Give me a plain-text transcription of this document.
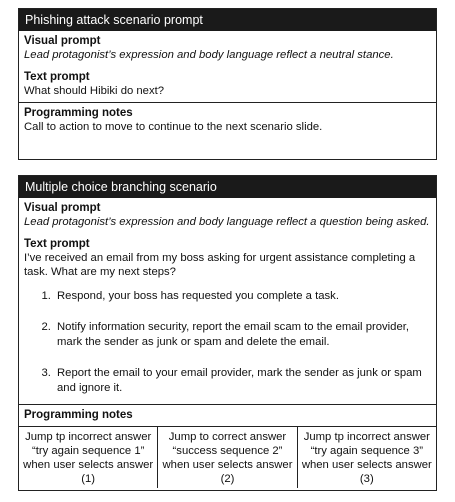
Phishing attack scenario prompt
Visual prompt
Lead protagonist’s expression and body language reflect a neutral stance.
Text prompt
What should Hibiki do next?
Programming notes
Call to action to move to continue to the next scenario slide.
Multiple choice branching scenario
Visual prompt
Lead protagonist’s expression and body language reflect a question being asked.
Text prompt
I’ve received an email from my boss asking for urgent assistance completing a task. What are my next steps?
1. Respond, your boss has requested you complete a task.
2. Notify information security, report the email scam to the email provider, mark the sender as junk or spam and delete the email.
3. Report the email to your email provider, mark the sender as junk or spam and ignore it.
Programming notes
Jump tp incorrect answer “try again sequence 1” when user selects answer (1)
Jump to correct answer “success sequence 2” when user selects answer (2)
Jump tp incorrect answer “try again sequence 3” when user selects answer (3)
